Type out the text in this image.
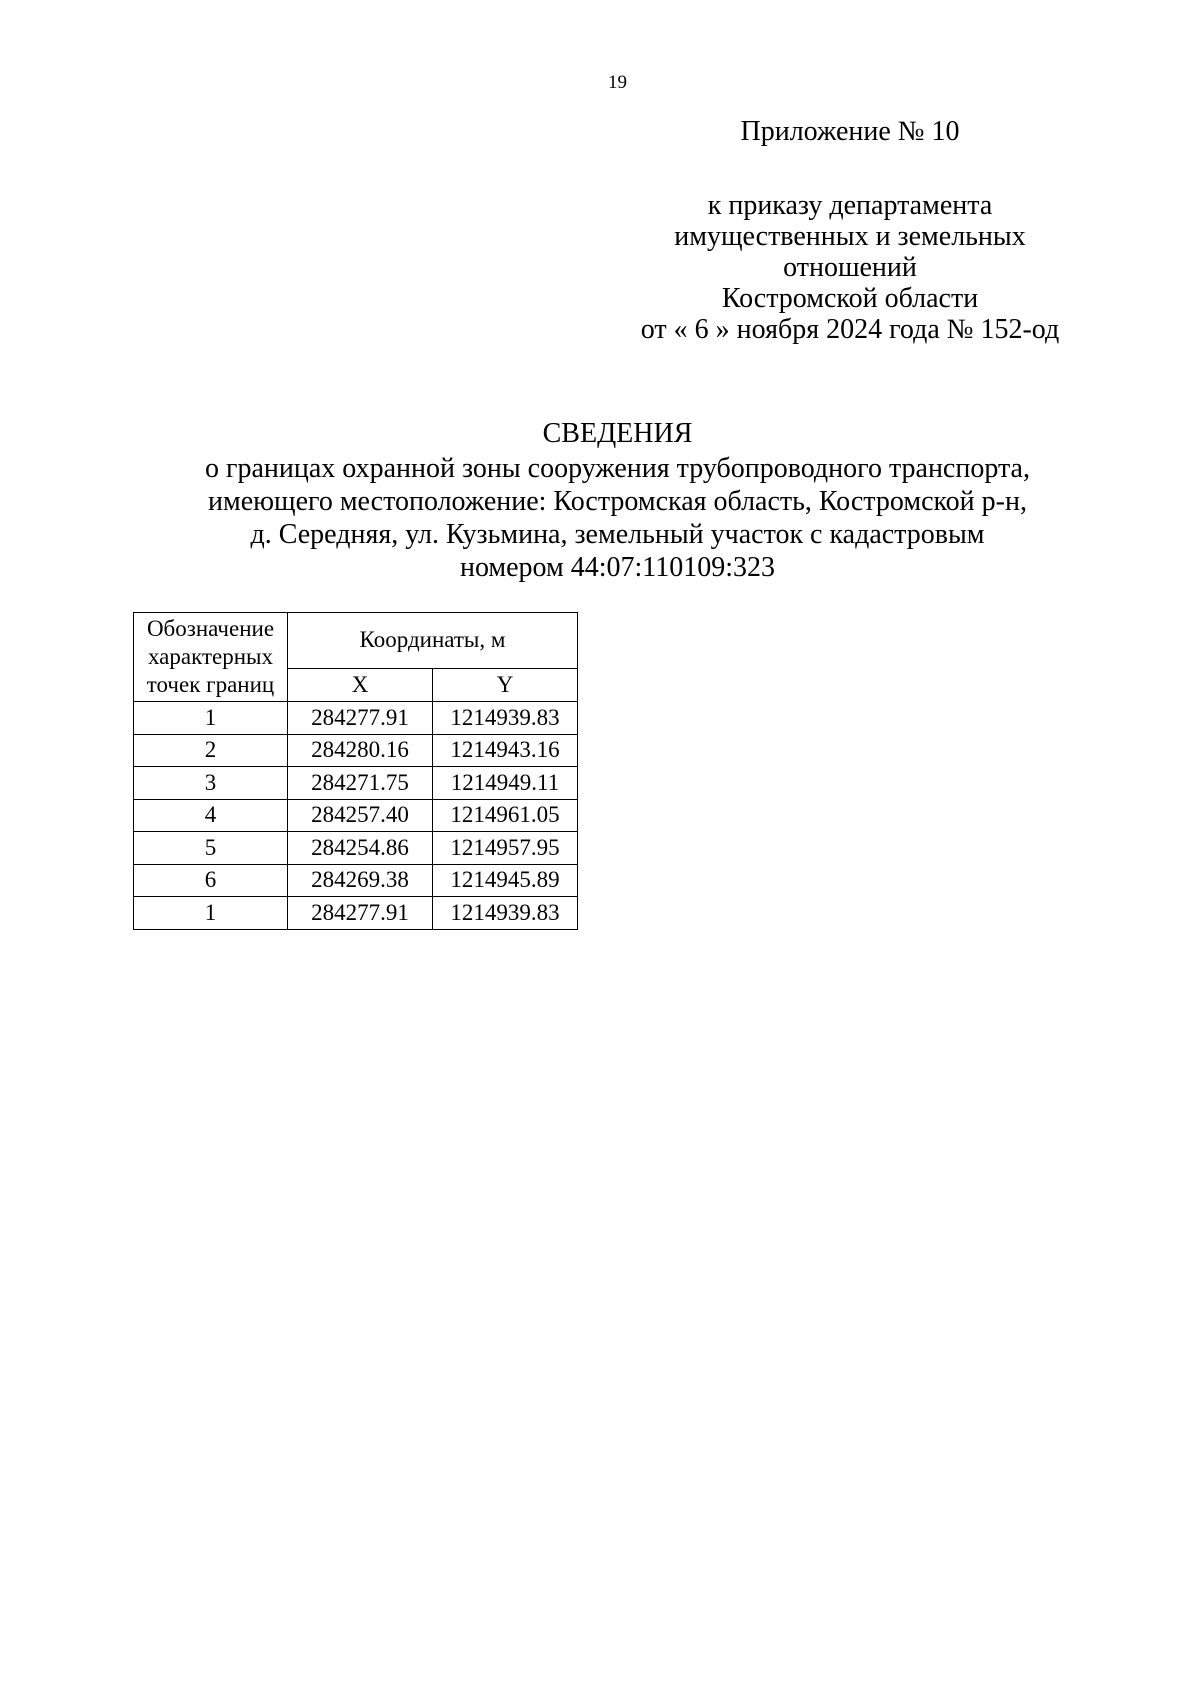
19
Приложение № 10
к приказу департамента
имущественных и земельных
отношений
Костромской области
от « 6 » ноября 2024 года № 152-од
СВЕДЕНИЯ
о границах охранной зоны сооружения трубопроводного транспорта,
имеющего местоположение: Костромская область, Костромской р-н,
д. Середняя, ул. Кузьмина, земельный участок с кадастровым
номером 44:07:110109:323
Обозначение
характерных
точек границ	Координаты, м	
	X	Y
1	284277.91	1214939.83
2	284280.16	1214943.16
3	284271.75	1214949.11
4	284257.40	1214961.05
5	284254.86	1214957.95
6	284269.38	1214945.89
1	284277.91	1214939.83
